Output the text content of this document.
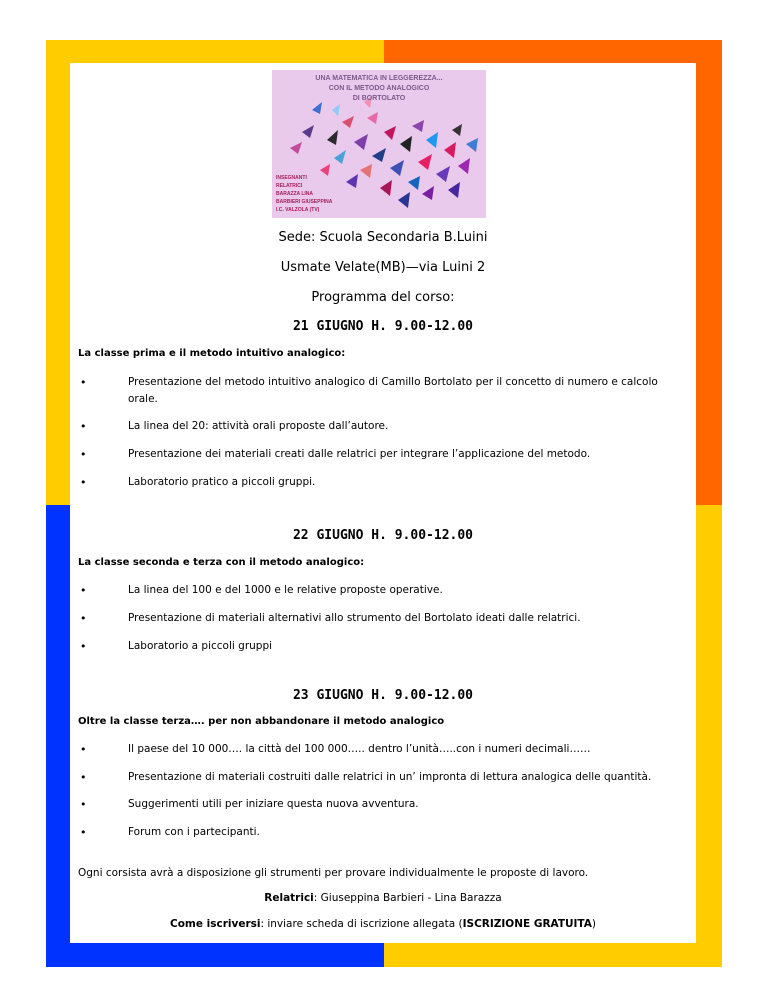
UNA MATEMATICA IN LEGGEREZZA...
CON IL METODO ANALOGICO
DI BORTOLATO
INSEGNANTI
RELATRICI
BARAZZA LINA
BARBIERI GIUSEPPINA
I.C. VALZOLA (TV)
Sede: Scuola Secondaria B.Luini
Usmate Velate(MB)—via Luini 2
Programma del corso:
21 GIUGNO H. 9.00-12.00
La classe prima e il metodo intuitivo analogico:
• Presentazione del metodo intuitivo analogico di Camillo Bortolato per il concetto di numero e calcolo orale.
• La linea del 20: attività orali proposte dall’autore.
• Presentazione dei materiali creati dalle relatrici per integrare l’applicazione del metodo.
• Laboratorio pratico a piccoli gruppi.
22 GIUGNO H. 9.00-12.00
La classe seconda e terza con il metodo analogico:
• La linea del 100 e del 1000 e le relative proposte operative.
• Presentazione di materiali alternativi allo strumento del Bortolato ideati dalle relatrici.
• Laboratorio a piccoli gruppi
23 GIUGNO H. 9.00-12.00
Oltre la classe terza…. per non abbandonare il metodo analogico
• Il paese del 10 000…. la città del 100 000….. dentro l’unità…..con i numeri decimali……
• Presentazione di materiali costruiti dalle relatrici in un’ impronta di lettura analogica delle quantità.
• Suggerimenti utili per iniziare questa nuova avventura.
• Forum con i partecipanti.
Ogni corsista avrà a disposizione gli strumenti per provare individualmente le proposte di lavoro.
Relatrici: Giuseppina Barbieri - Lina Barazza
Come iscriversi: inviare scheda di iscrizione allegata (ISCRIZIONE GRATUITA)
